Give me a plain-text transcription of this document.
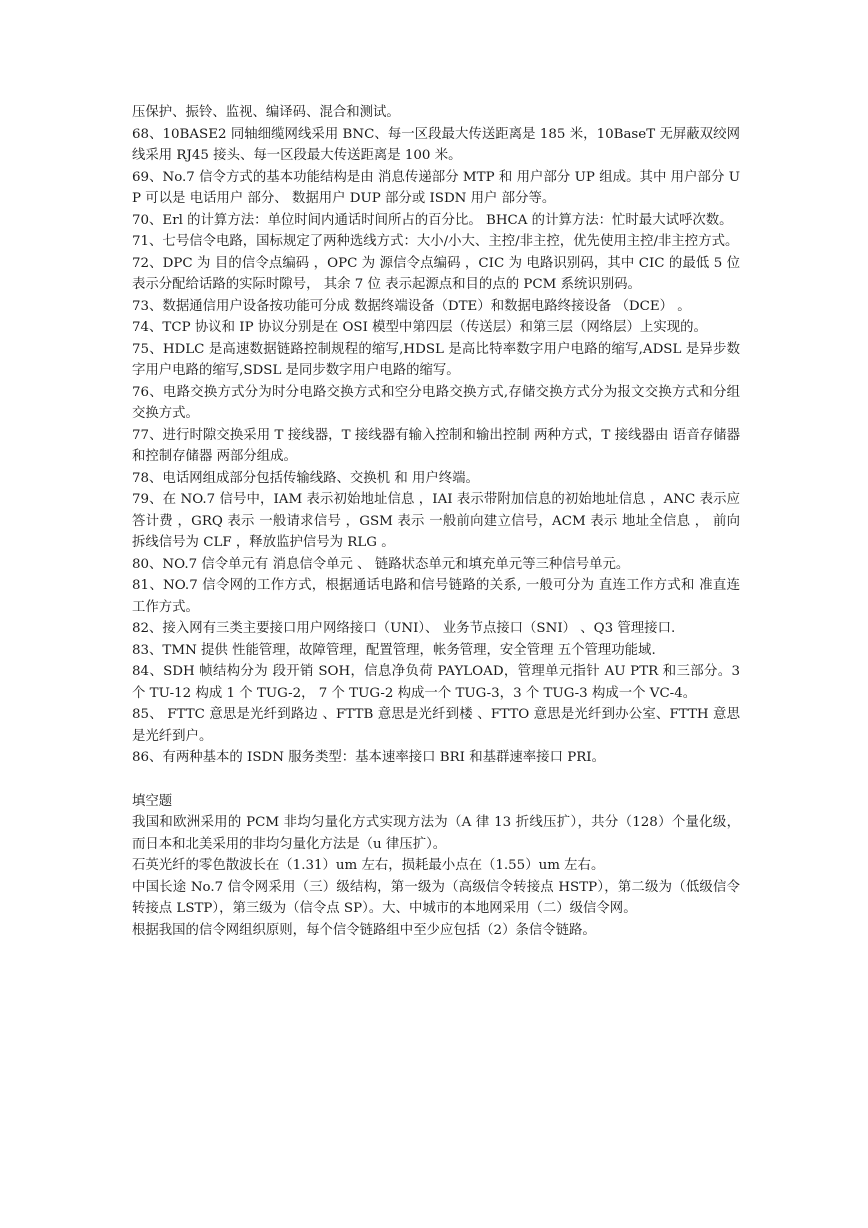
压保护、振铃、监视、编译码、混合和测试。

68、10BASE2 同轴细缆网线采用 BNC、每一区段最大传送距离是 185 米，10BaseT 无屏蔽双绞网线采用 RJ45 接头、每一区段最大传送距离是 100 米。

69、No.7 信令方式的基本功能结构是由 消息传递部分 MTP 和 用户部分 UP 组成。其中 用户部分 UP 可以是 电话用户 部分、 数据用户 DUP 部分或 ISDN 用户 部分等。

70、Erl 的计算方法：单位时间内通话时间所占的百分比。 BHCA 的计算方法：忙时最大试呼次数。

71、七号信令电路，国标规定了两种选线方式：大小/小大、主控/非主控，优先使用主控/非主控方式。

72、DPC 为 目的信令点编码 ，OPC 为 源信令点编码 ，CIC 为 电路识别码，其中 CIC 的最低 5 位表示分配给话路的实际时隙号， 其余 7 位 表示起源点和目的点的 PCM 系统识别码。

73、数据通信用户设备按功能可分成 数据终端设备（DTE）和数据电路终接设备 （DCE） 。

74、TCP 协议和 IP 协议分别是在 OSI 模型中第四层（传送层）和第三层（网络层）上实现的。

75、HDLC 是高速数据链路控制规程的缩写,HDSL 是高比特率数字用户电路的缩写,ADSL 是异步数字用户电路的缩写,SDSL 是同步数字用户电路的缩写。

76、电路交换方式分为时分电路交换方式和空分电路交换方式,存储交换方式分为报文交换方式和分组交换方式。

77、进行时隙交换采用 T 接线器，T 接线器有输入控制和输出控制 两种方式，T 接线器由 语音存储器 和控制存储器 两部分组成。

78、电话网组成部分包括传输线路、交换机 和 用户终端。

79、在 NO.7 信号中，IAM 表示初始地址信息 ，IAI 表示带附加信息的初始地址信息 ，ANC 表示应答计费 ，GRQ 表示 一般请求信号 ，GSM 表示 一般前向建立信号，ACM 表示 地址全信息 ， 前向拆线信号为 CLF ，释放监护信号为 RLG 。

80、NO.7 信令单元有 消息信令单元 、 链路状态单元和填充单元等三种信号单元。

81、NO.7 信令网的工作方式，根据通话电路和信号链路的关系, 一般可分为 直连工作方式和 准直连工作方式。

82、接入网有三类主要接口用户网络接口（UNI）、 业务节点接口（SNI） 、Q3 管理接口.

83、TMN 提供 性能管理，故障管理，配置管理，帐务管理，安全管理 五个管理功能域.

84、SDH 帧结构分为 段开销 SOH，信息净负荷 PAYLOAD，管理单元指针 AU PTR 和三部分。3 个 TU-12 构成 1 个 TUG-2， 7 个 TUG-2 构成一个 TUG-3，3 个 TUG-3 构成一个 VC-4。

85、 FTTC 意思是光纤到路边 、FTTB 意思是光纤到楼 、FTTO 意思是光纤到办公室、FTTH 意思是光纤到户。

86、有两种基本的 ISDN 服务类型：基本速率接口 BRI 和基群速率接口 PRI。

填空题

我国和欧洲采用的 PCM 非均匀量化方式实现方法为（A 律 13 折线压扩），共分（128）个量化级，而日本和北美采用的非均匀量化方法是（u 律压扩）。

石英光纤的零色散波长在（1.31）um 左右，损耗最小点在（1.55）um 左右。

中国长途 No.7 信令网采用（三）级结构，第一级为（高级信令转接点 HSTP），第二级为（低级信令转接点 LSTP），第三级为（信令点 SP）。大、中城市的本地网采用（二）级信令网。

根据我国的信令网组织原则，每个信令链路组中至少应包括（2）条信令链路。
